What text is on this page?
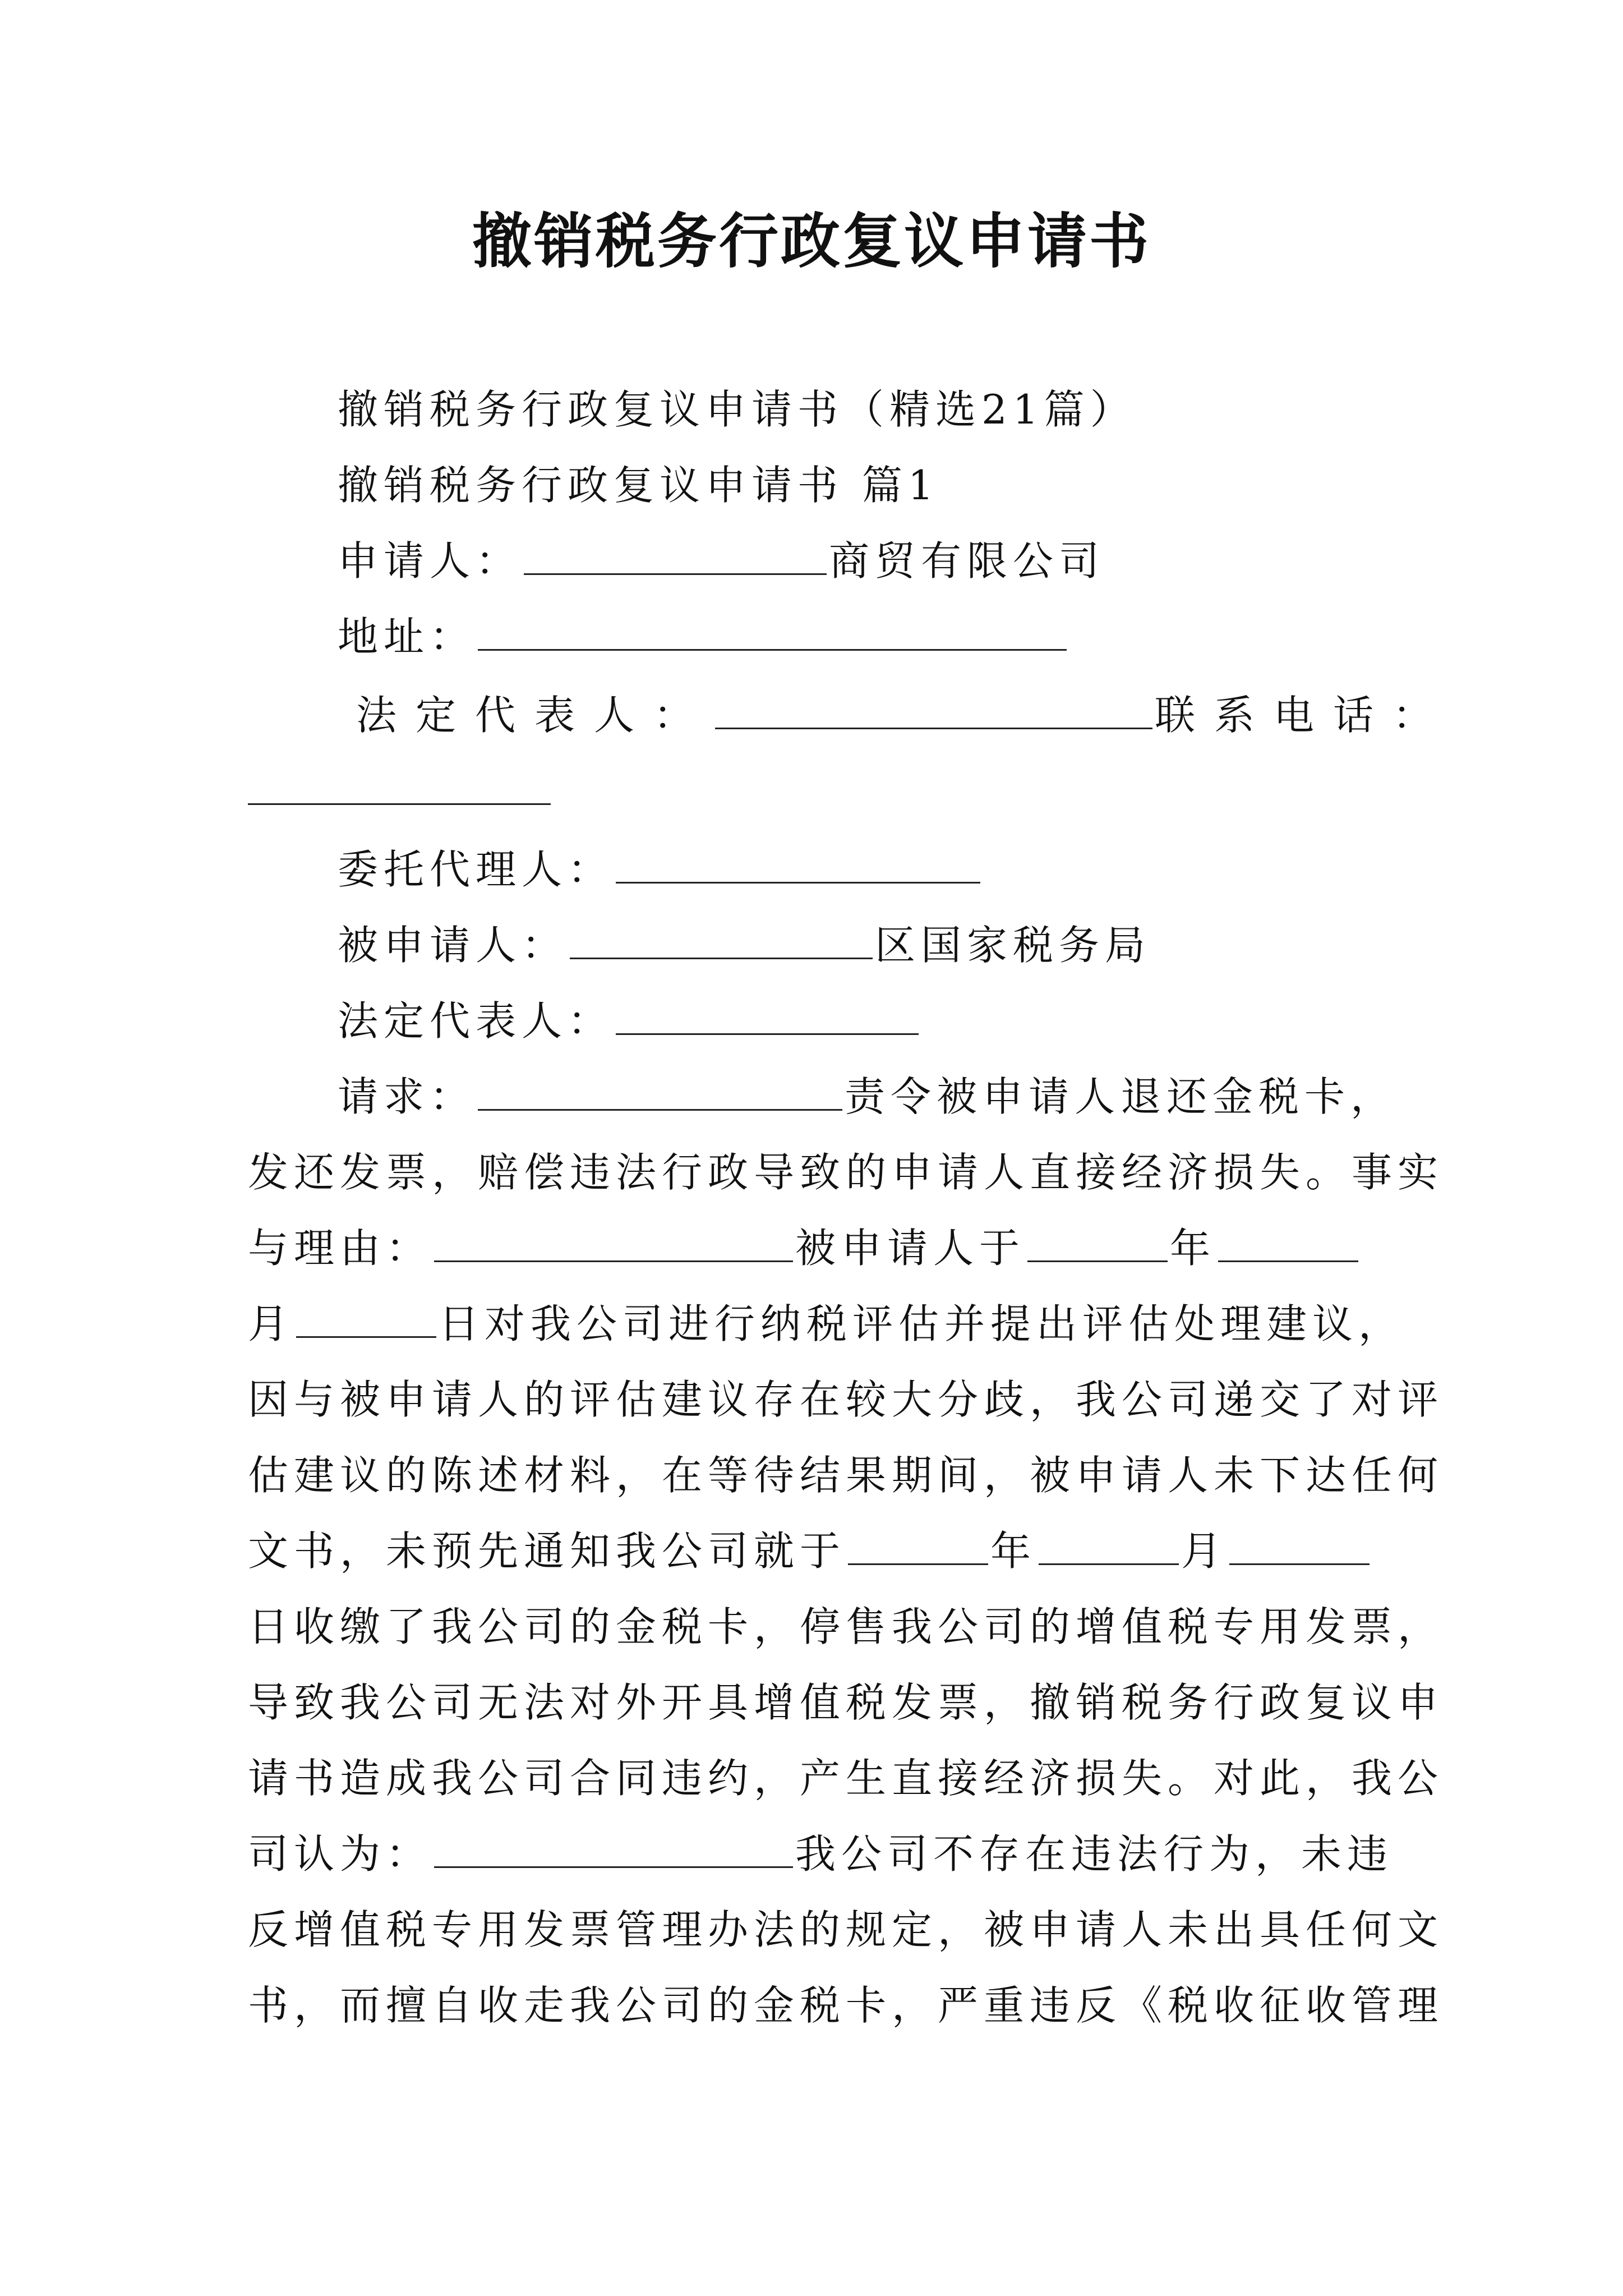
撤销税务行政复议申请书
撤销税务行政复议申请书（精选21篇）
撤销税务行政复议申请书 篇1
申请人：	商贸有限公司
地址：
法定代表人：	联系电话：
委托代理人：
被申请人：	区国家税务局
法定代表人：
请求：	责令被申请人退还金税卡，
发还发票，赔偿违法行政导致的申请人直接经济损失。事实
与理由：	被申请人于	年
月	日对我公司进行纳税评估并提出评估处理建议，
因与被申请人的评估建议存在较大分歧，我公司递交了对评
估建议的陈述材料，在等待结果期间，被申请人未下达任何
文书，未预先通知我公司就于	年	月
日收缴了我公司的金税卡，停售我公司的增值税专用发票，
导致我公司无法对外开具增值税发票，撤销税务行政复议申
请书造成我公司合同违约，产生直接经济损失。对此，我公
司认为：	我公司不存在违法行为，未违
反增值税专用发票管理办法的规定，被申请人未出具任何文
书，而擅自收走我公司的金税卡，严重违反《税收征收管理
